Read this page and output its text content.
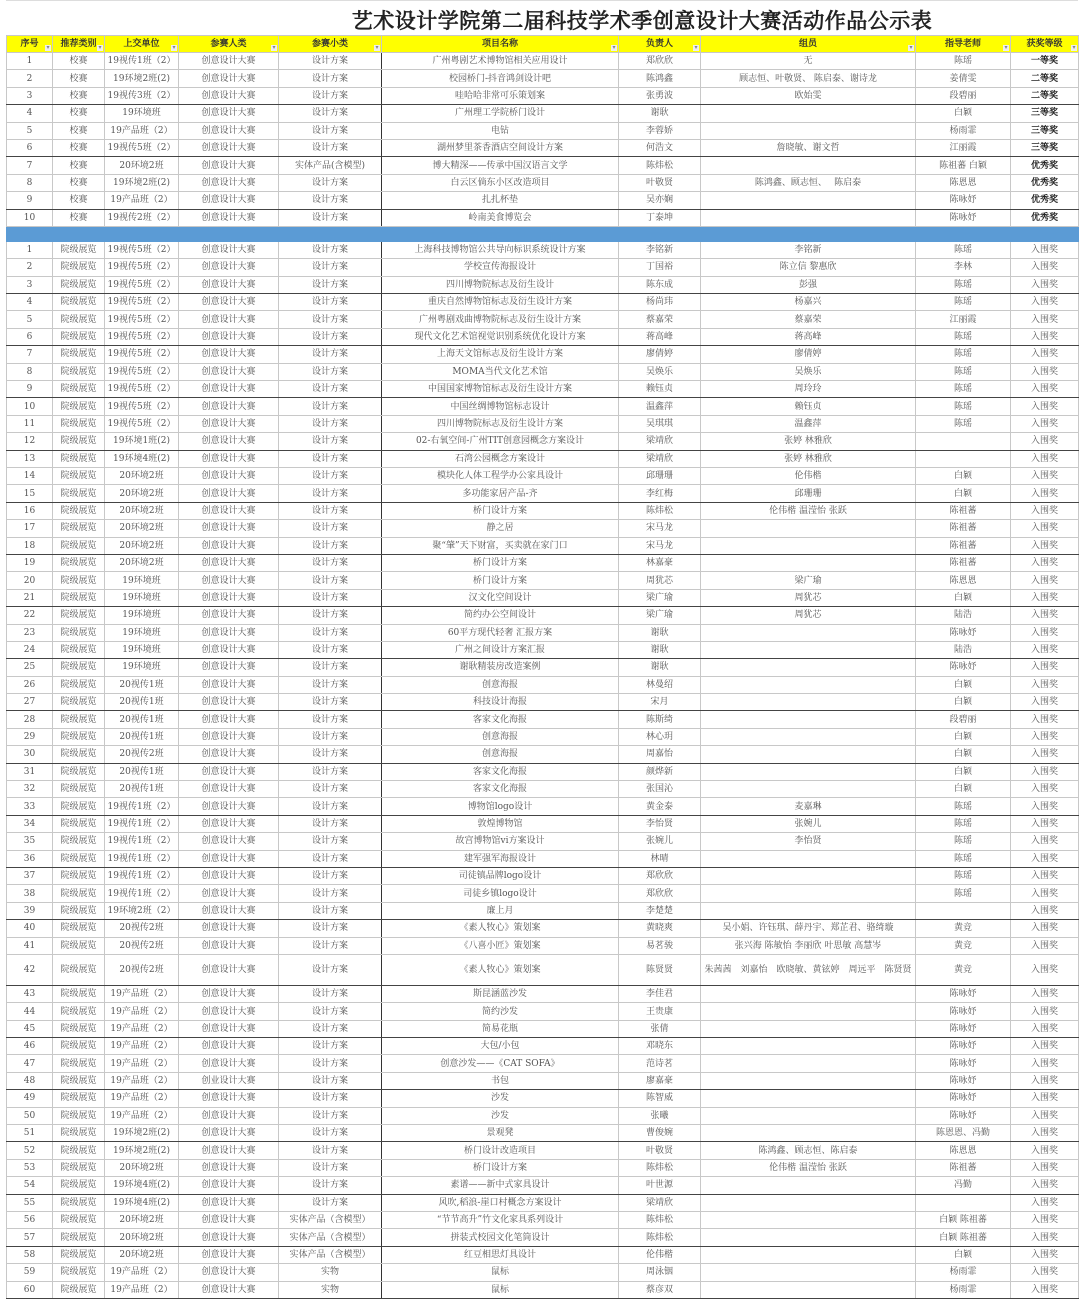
艺术设计学院第二届科技学术季创意设计大赛活动作品公示表
序号 ▾	推荐类别 ▾	上交单位 ▾	参赛人类 ▾	参赛小类 ▾	项目名称 ▾	负责人 ▾	组员 ▾	指导老师 ▾	获奖等级 ▾

1	校赛	19视传1班（2）	创意设计大赛	设计方案	广州粤剧艺术博物馆相关应用设计	郑欣欣	无	陈瑶	一等奖
2	校赛	19环境2班(2)	创意设计大赛	设计方案	校园桥门-抖音鸿剑设计吧	陈鸿鑫	顾志恒、叶敬贤、 陈启泰、谢诗龙	姜倩雯	二等奖
3	校赛	19视传3班（2）	创意设计大赛	设计方案	哇哈哈非常可乐策划案	张勇波	欧始雯	段碧丽	二等奖
4	校赛	19环境班	创意设计大赛	设计方案	广州理工学院桥门设计	谢耿		白颖	三等奖
5	校赛	19产品班（2）	创意设计大赛	设计方案	电钻	李蓉娇		杨雨霏	三等奖
6	校赛	19视传5班（2）	创意设计大赛	设计方案	湖州梦里茶香酒店空间设计方案	何浩文	詹晓敏、谢文哲	江丽霞	三等奖
7	校赛	20环境2班	创意设计大赛	实体产品(含模型)	博大精深——传承中国汉语言文学	陈炜松		陈祖蕃 白颖	优秀奖
8	校赛	19环境2班(2)	创意设计大赛	设计方案	白云区倘东小区改造项目	叶敬贤	陈鸿鑫、顾志恒、　 陈启泰	陈恩恩	优秀奖
9	校赛	19产品班（2）	创意设计大赛	设计方案	扎扎杯垫	吴亦娴		陈咏妤	优秀奖
10	校赛	19视传2班（2）	创意设计大赛	设计方案	岭南美食博览会	丁泰坤		陈咏妤	优秀奖

1	院级展览	19视传5班（2）	创意设计大赛	设计方案	上海科技博物馆公共导向标识系统设计方案	李铭新	李铭新	陈瑶	入围奖
2	院级展览	19视传5班（2）	创意设计大赛	设计方案	学校宣传海报设计	丁国裕	陈立信 黎惠欣	李林	入围奖
3	院级展览	19视传5班（2）	创意设计大赛	设计方案	四川博物院标志及衍生设计	陈东成	彭强	陈瑶	入围奖
4	院级展览	19视传5班（2）	创意设计大赛	设计方案	重庆自然博物馆标志及衍生设计方案	杨尚玮	杨嘉兴	陈瑶	入围奖
5	院级展览	19视传5班（2）	创意设计大赛	设计方案	广州粤剧戏曲博物院标志及衍生设计方案	蔡嘉荣	蔡嘉荣	江丽霞	入围奖
6	院级展览	19视传5班（2）	创意设计大赛	设计方案	现代文化艺术馆视觉识别系统优化设计方案	蒋高峰	蒋高峰	陈瑶	入围奖
7	院级展览	19视传5班（2）	创意设计大赛	设计方案	上海天文馆标志及衍生设计方案	廖倩婷	廖倩婷	陈瑶	入围奖
8	院级展览	19视传5班（2）	创意设计大赛	设计方案	MOMA当代文化艺术馆	吴焕乐	吴焕乐	陈瑶	入围奖
9	院级展览	19视传5班（2）	创意设计大赛	设计方案	中国国家博物馆标志及衍生设计方案	赖钰贞	周玲玲	陈瑶	入围奖
10	院级展览	19视传5班（2）	创意设计大赛	设计方案	中国丝绸博物馆标志设计	温鑫萍	赖钰贞	陈瑶	入围奖
11	院级展览	19视传5班（2）	创意设计大赛	设计方案	四川博物院标志及衍生设计方案	吴琪琪	温鑫萍	陈瑶	入围奖
12	院级展览	19环境1班(2)	创意设计大赛	设计方案	02-右氧空间-广州TIT创意园概念方案设计	梁靖欣	张婷 林雅欣		入围奖
13	院级展览	19环境4班(2)	创意设计大赛	设计方案	石湾公园概念方案设计	梁靖欣	张婷 林雅欣		入围奖
14	院级展览	20环境2班	创意设计大赛	设计方案	模块化人体工程学办公家具设计	邱珊珊	伦伟楷	白颖	入围奖
15	院级展览	20环境2班	创意设计大赛	设计方案	多功能家居产品-齐	李红梅	邱珊珊	白颖	入围奖
16	院级展览	20环境2班	创意设计大赛	设计方案	桥门设计方案	陈炜松	伦伟楷 温滢怡 张跃	陈祖蕃	入围奖
17	院级展览	20环境2班	创意设计大赛	设计方案	静之居	宋马龙		陈祖蕃	入围奖
18	院级展览	20环境2班	创意设计大赛	设计方案	聚“肇”天下财富，买卖就在家门口	宋马龙		陈祖蕃	入围奖
19	院级展览	20环境2班	创意设计大赛	设计方案	桥门设计方案	林嘉豪		陈祖蕃	入围奖
20	院级展览	19环境班	创意设计大赛	设计方案	桥门设计方案	周犹芯	梁广瑜	陈恩恩	入围奖
21	院级展览	19环境班	创意设计大赛	设计方案	汉文化空间设计	梁广瑜	周犹芯	白颖	入围奖
22	院级展览	19环境班	创意设计大赛	设计方案	简约办公空间设计	梁广瑜	周犹芯	陆浩	入围奖
23	院级展览	19环境班	创意设计大赛	设计方案	60平方现代轻奢 汇报方案	谢耿		陈咏妤	入围奖
24	院级展览	19环境班	创意设计大赛	设计方案	广州之间设计方案汇报	谢耿		陆浩	入围奖
25	院级展览	19环境班	创意设计大赛	设计方案	谢耿精装房改造案例	谢耿		陈咏妤	入围奖
26	院级展览	20视传1班	创意设计大赛	设计方案	创意海报	林曼绍		白颖	入围奖
27	院级展览	20视传1班	创意设计大赛	设计方案	科技设计海报	宋月		白颖	入围奖
28	院级展览	20视传1班	创意设计大赛	设计方案	客家文化海报	陈斯绮		段碧丽	入围奖
29	院级展览	20视传1班	创意设计大赛	设计方案	创意海报	林心玥		白颖	入围奖
30	院级展览	20视传2班	创意设计大赛	设计方案	创意海报	周嘉怡		白颖	入围奖
31	院级展览	20视传1班	创意设计大赛	设计方案	客家文化海报	颜烨新		白颖	入围奖
32	院级展览	20视传1班	创意设计大赛	设计方案	客家文化海报	张国沁		白颖	入围奖
33	院级展览	19视传1班（2）	创意设计大赛	设计方案	博物馆logo设计	黄金泰	麦嘉琳	陈瑶	入围奖
34	院级展览	19视传1班（2）	创意设计大赛	设计方案	敦煌博物馆	李怡贤	张婉儿	陈瑶	入围奖
35	院级展览	19视传1班（2）	创意设计大赛	设计方案	故宫博物馆vi方案设计	张婉儿	李怡贤	陈瑶	入围奖
36	院级展览	19视传1班（2）	创意设计大赛	设计方案	建军强军海报设计	林晴		陈瑶	入围奖
37	院级展览	19视传1班（2）	创意设计大赛	设计方案	司徒镇品牌logo设计	郑欣欣		陈瑶	入围奖
38	院级展览	19视传1班（2）	创意设计大赛	设计方案	司徒乡镇logo设计	郑欣欣		陈瑶	入围奖
39	院级展览	19环境2班（2）	创意设计大赛	设计方案	廉上月	李楚楚			入围奖
40	院级展览	20视传2班	创意设计大赛	设计方案	《素人牧心》策划案	黄晓爽	吴小娟、许钰琪、薛丹宇、郑芷君、骆绮璇	黄竞	入围奖
41	院级展览	20视传2班	创意设计大赛	设计方案	《八喜小匠》策划案	易茗骏	张兴海 陈敏怡 李丽欣 叶思敏 高慧岑	黄竞	入围奖
42	院级展览	20视传2班	创意设计大赛	设计方案	《素人牧心》策划案	陈贤贤	朱茜茜　刘嘉怡　欧晓敏、黄铉婷　周远平　陈贤贤	黄竞	入围奖
43	院级展览	19产品班（2）	创意设计大赛	设计方案	斯昆涵蓝沙发	李佳君		陈咏妤	入围奖
44	院级展览	19产品班（2）	创意设计大赛	设计方案	简约沙发	王贵康		陈咏妤	入围奖
45	院级展览	19产品班（2）	创意设计大赛	设计方案	简易花瓶	张倩		陈咏妤	入围奖
46	院级展览	19产品班（2）	创意设计大赛	设计方案	大包/小包	邓晓东		陈咏妤	入围奖
47	院级展览	19产品班（2）	创意设计大赛	设计方案	创意沙发——《CAT SOFA》	范诗茗		陈咏妤	入围奖
48	院级展览	19产品班（2）	创业设计大赛	设计方案	书包	廖嘉豪		陈咏妤	入围奖
49	院级展览	19产品班（2）	创意设计大赛	设计方案	沙发	陈智威		陈咏妤	入围奖
50	院级展览	19产品班（2）	创意设计大赛	设计方案	沙发	张曦		陈咏妤	入围奖
51	院级展览	19环境2班(2)	创意设计大赛	设计方案	景观凳	曹俊婉		陈恩恩、冯勤	入围奖
52	院级展览	19环境2班(2)	创意设计大赛	设计方案	桥门设计改造项目	叶敬贤	陈鸿鑫、顾志恒、陈启泰	陈恩恩	入围奖
53	院级展览	20环境2班	创意设计大赛	设计方案	桥门设计方案	陈炜松	伦伟楷 温滢怡 张跃	陈祖蕃	入围奖
54	院级展览	19环境4班(2)	创意设计大赛	设计方案	素谱——新中式家具设计	叶世源		冯勤	入围奖
55	院级展览	19环境4班(2)	创意设计大赛	设计方案	风吹,稻浪-崖口村概念方案设计	梁靖欣			入围奖
56	院级展览	20环境2班	创意设计大赛	实体产品（含模型）	“节节高升”竹文化家具系列设计	陈炜松		白颖 陈祖蕃	入围奖
57	院级展览	20环境2班	创意设计大赛	实体产品（含模型）	拼装式校园文化笔筒设计	陈炜松		白颖 陈祖蕃	入围奖
58	院级展览	20环境2班	创意设计大赛	实体产品（含模型）	红豆相思灯具设计	伦伟楷		白颖	入围奖
59	院级展览	19产品班（2）	创意设计大赛	实物	鼠标	周泳铟		杨雨霏	入围奖
60	院级展览	19产品班（2）	创意设计大赛	实物	鼠标	蔡彦双		杨雨霏	入围奖
